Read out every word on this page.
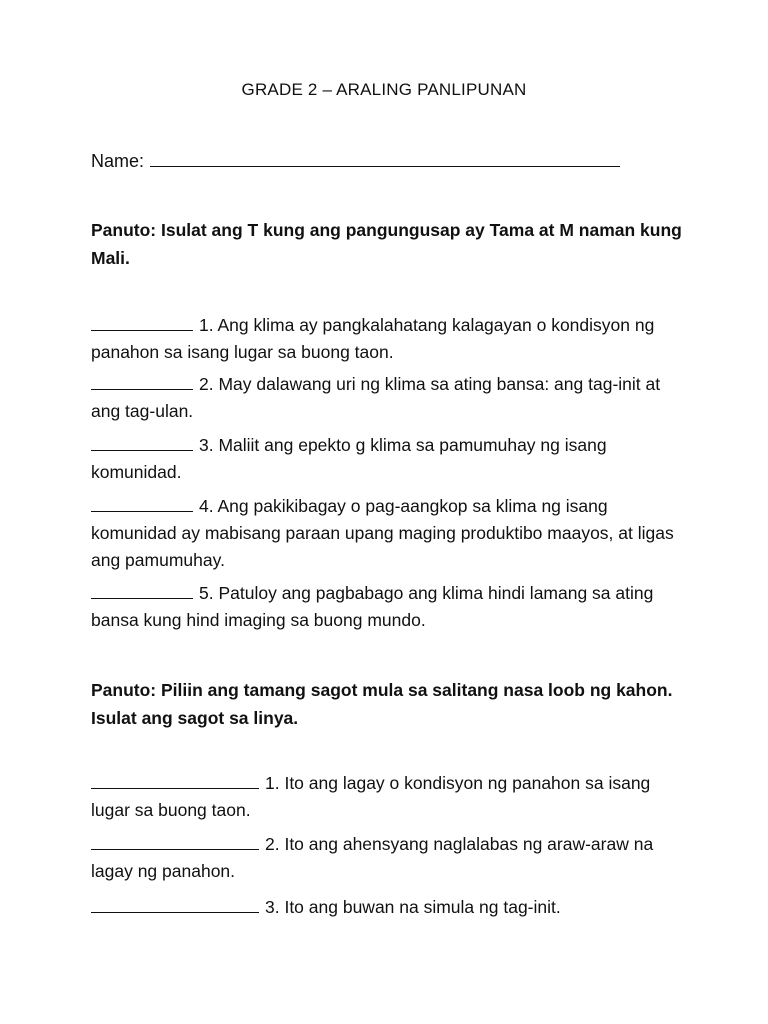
GRADE 2 – ARALING PANLIPUNAN
Name:
Panuto: Isulat ang T kung ang pangungusap ay Tama at M naman kung Mali.
1. Ang klima ay pangkalahatang kalagayan o kondisyon ng panahon sa isang lugar sa buong taon.
2. May dalawang uri ng klima sa ating bansa: ang tag-init at ang tag-ulan.
3. Maliit ang epekto g klima sa pamumuhay ng isang komunidad.
4. Ang pakikibagay o pag-aangkop sa klima ng isang komunidad ay mabisang paraan upang maging produktibo maayos, at ligas ang pamumuhay.
5. Patuloy ang pagbabago ang klima hindi lamang sa ating bansa kung hind imaging sa buong mundo.
Panuto: Piliin ang tamang sagot mula sa salitang nasa loob ng kahon. Isulat ang sagot sa linya.
1. Ito ang lagay o kondisyon ng panahon sa isang lugar sa buong taon.
2. Ito ang ahensyang naglalabas ng araw-araw na lagay ng panahon.
3. Ito ang buwan na simula ng tag-init.
